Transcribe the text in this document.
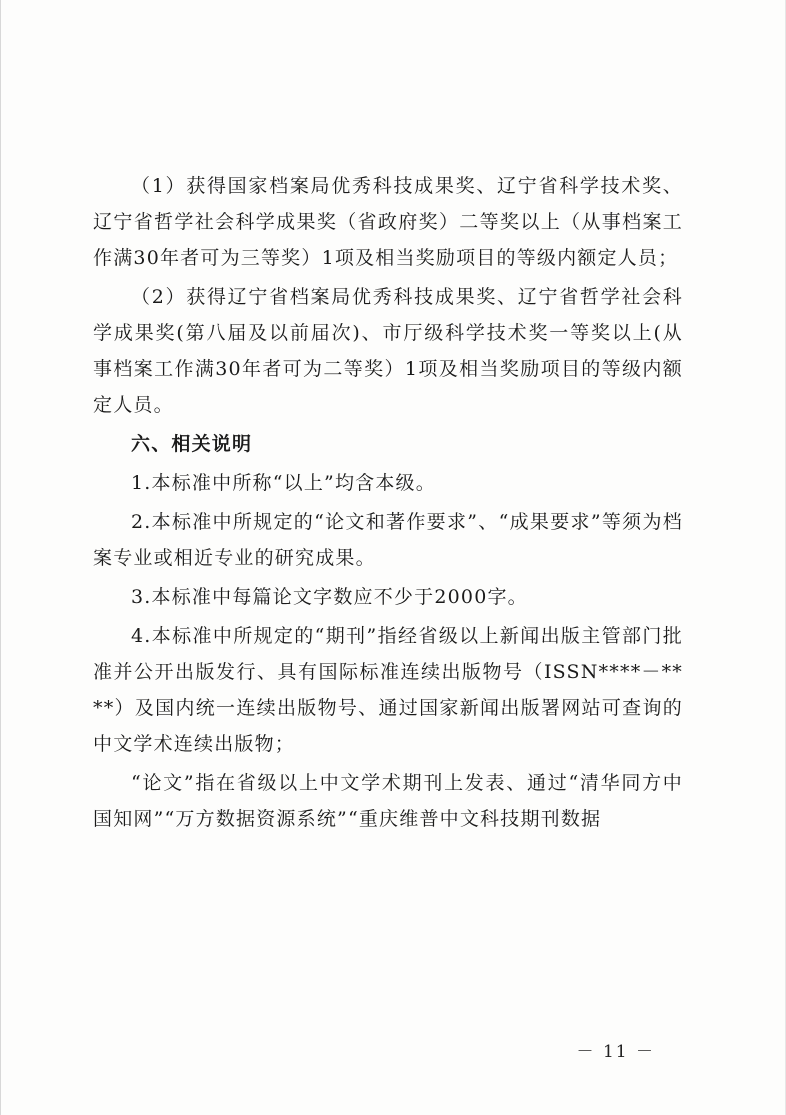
（1）获得国家档案局优秀科技成果奖、辽宁省科学技术奖、辽宁省哲学社会科学成果奖（省政府奖）二等奖以上（从事档案工作满30年者可为三等奖）1项及相当奖励项目的等级内额定人员；

（2）获得辽宁省档案局优秀科技成果奖、辽宁省哲学社会科学成果奖(第八届及以前届次)、市厅级科学技术奖一等奖以上(从事档案工作满30年者可为二等奖）1项及相当奖励项目的等级内额定人员。

六、相关说明

1.本标准中所称“以上”均含本级。

2.本标准中所规定的“论文和著作要求”、“成果要求”等须为档案专业或相近专业的研究成果。

3.本标准中每篇论文字数应不少于2000字。

4.本标准中所规定的“期刊”指经省级以上新闻出版主管部门批准并公开出版发行、具有国际标准连续出版物号（ISSN****－****）及国内统一连续出版物号、通过国家新闻出版署网站可查询的中文学术连续出版物；

“论文”指在省级以上中文学术期刊上发表、通过“清华同方中国知网”“万方数据资源系统”“重庆维普中文科技期刊数据

－ 11 －
